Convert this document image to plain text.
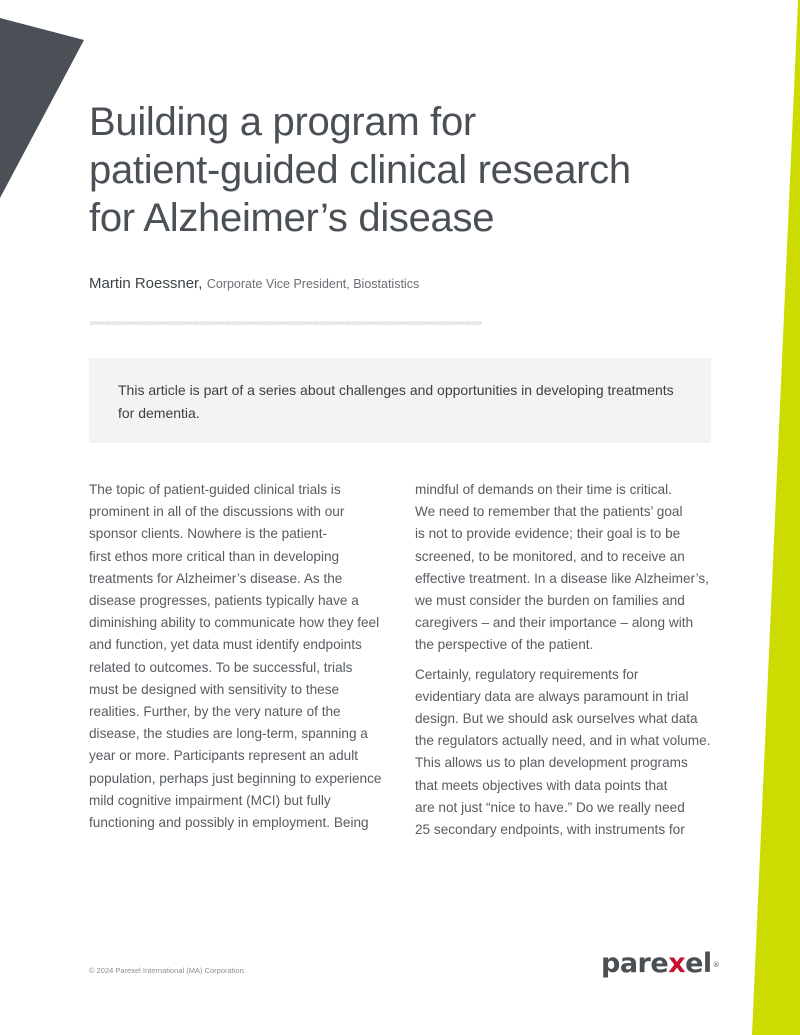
Building a program for
patient-guided clinical research
for Alzheimer’s disease
Martin Roessner, Corporate Vice President, Biostatistics
››››››››››››››››››››››››››››››››››››››››››››››››››››››››››››››››››››››››››››››››››››››››››››››››››››››››››››››››››››››››››››››››››››››››››››››››››››››››››››››››

This article is part of a series about challenges and opportunities in developing treatments
for dementia.

The topic of patient-guided clinical trials is
prominent in all of the discussions with our
sponsor clients. Nowhere is the patient-
first ethos more critical than in developing
treatments for Alzheimer’s disease. As the
disease progresses, patients typically have a
diminishing ability to communicate how they feel
and function, yet data must identify endpoints
related to outcomes. To be successful, trials
must be designed with sensitivity to these
realities. Further, by the very nature of the
disease, the studies are long-term, spanning a
year or more. Participants represent an adult
population, perhaps just beginning to experience
mild cognitive impairment (MCI) but fully
functioning and possibly in employment. Being

mindful of demands on their time is critical.
We need to remember that the patients’ goal
is not to provide evidence; their goal is to be
screened, to be monitored, and to receive an
effective treatment. In a disease like Alzheimer’s,
we must consider the burden on families and
caregivers – and their importance – along with
the perspective of the patient.

Certainly, regulatory requirements for
evidentiary data are always paramount in trial
design. But we should ask ourselves what data
the regulators actually need, and in what volume.
This allows us to plan development programs
that meets objectives with data points that
are not just “nice to have.” Do we really need
25 secondary endpoints, with instruments for

© 2024 Parexel International (MA) Corporation.	parexel®
